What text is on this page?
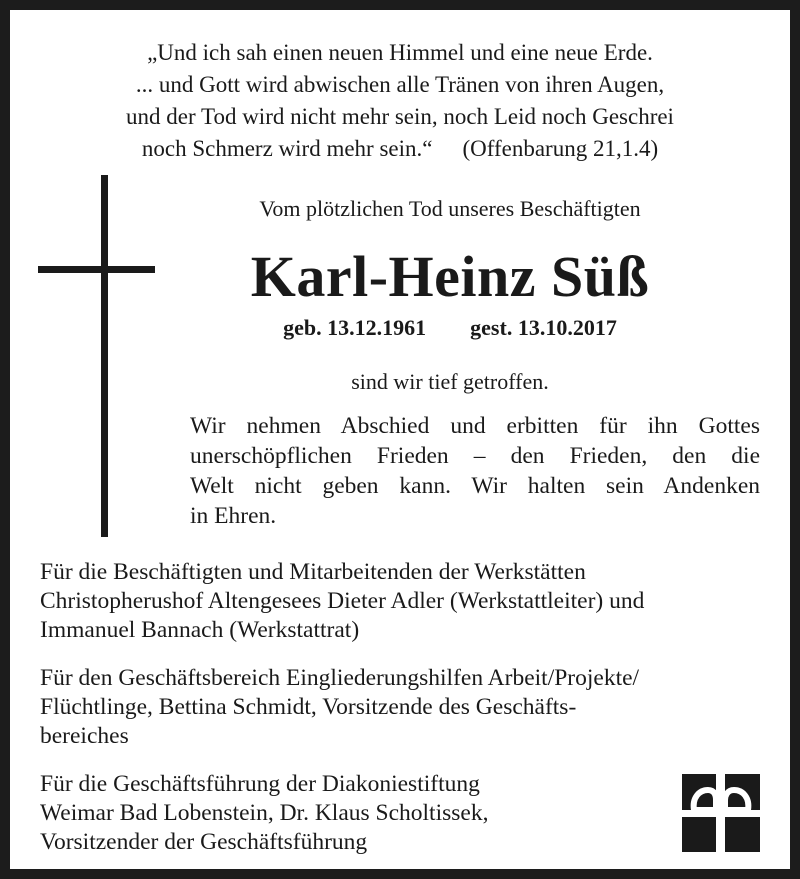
„Und ich sah einen neuen Himmel und eine neue Erde.
... und Gott wird abwischen alle Tränen von ihren Augen,
und der Tod wird nicht mehr sein, noch Leid noch Geschrei
noch Schmerz wird mehr sein.“ (Offenbarung 21,1.4)
Vom plötzlichen Tod unseres Beschäftigten
Karl-Heinz Süß
geb. 13.12.1961 gest. 13.10.2017
sind wir tief getroffen.
Wir nehmen Abschied und erbitten für ihn Gottes
unerschöpflichen Frieden – den Frieden, den die
Welt nicht geben kann. Wir halten sein Andenken
in Ehren.
Für die Beschäftigten und Mitarbeitenden der Werkstätten
Christopherushof Altengesees Dieter Adler (Werkstattleiter) und
Immanuel Bannach (Werkstattrat)
Für den Geschäftsbereich Eingliederungshilfen Arbeit/Projekte/
Flüchtlinge, Bettina Schmidt, Vorsitzende des Geschäfts-
bereiches
Für die Geschäftsführung der Diakoniestiftung
Weimar Bad Lobenstein, Dr. Klaus Scholtissek,
Vorsitzender der Geschäftsführung
